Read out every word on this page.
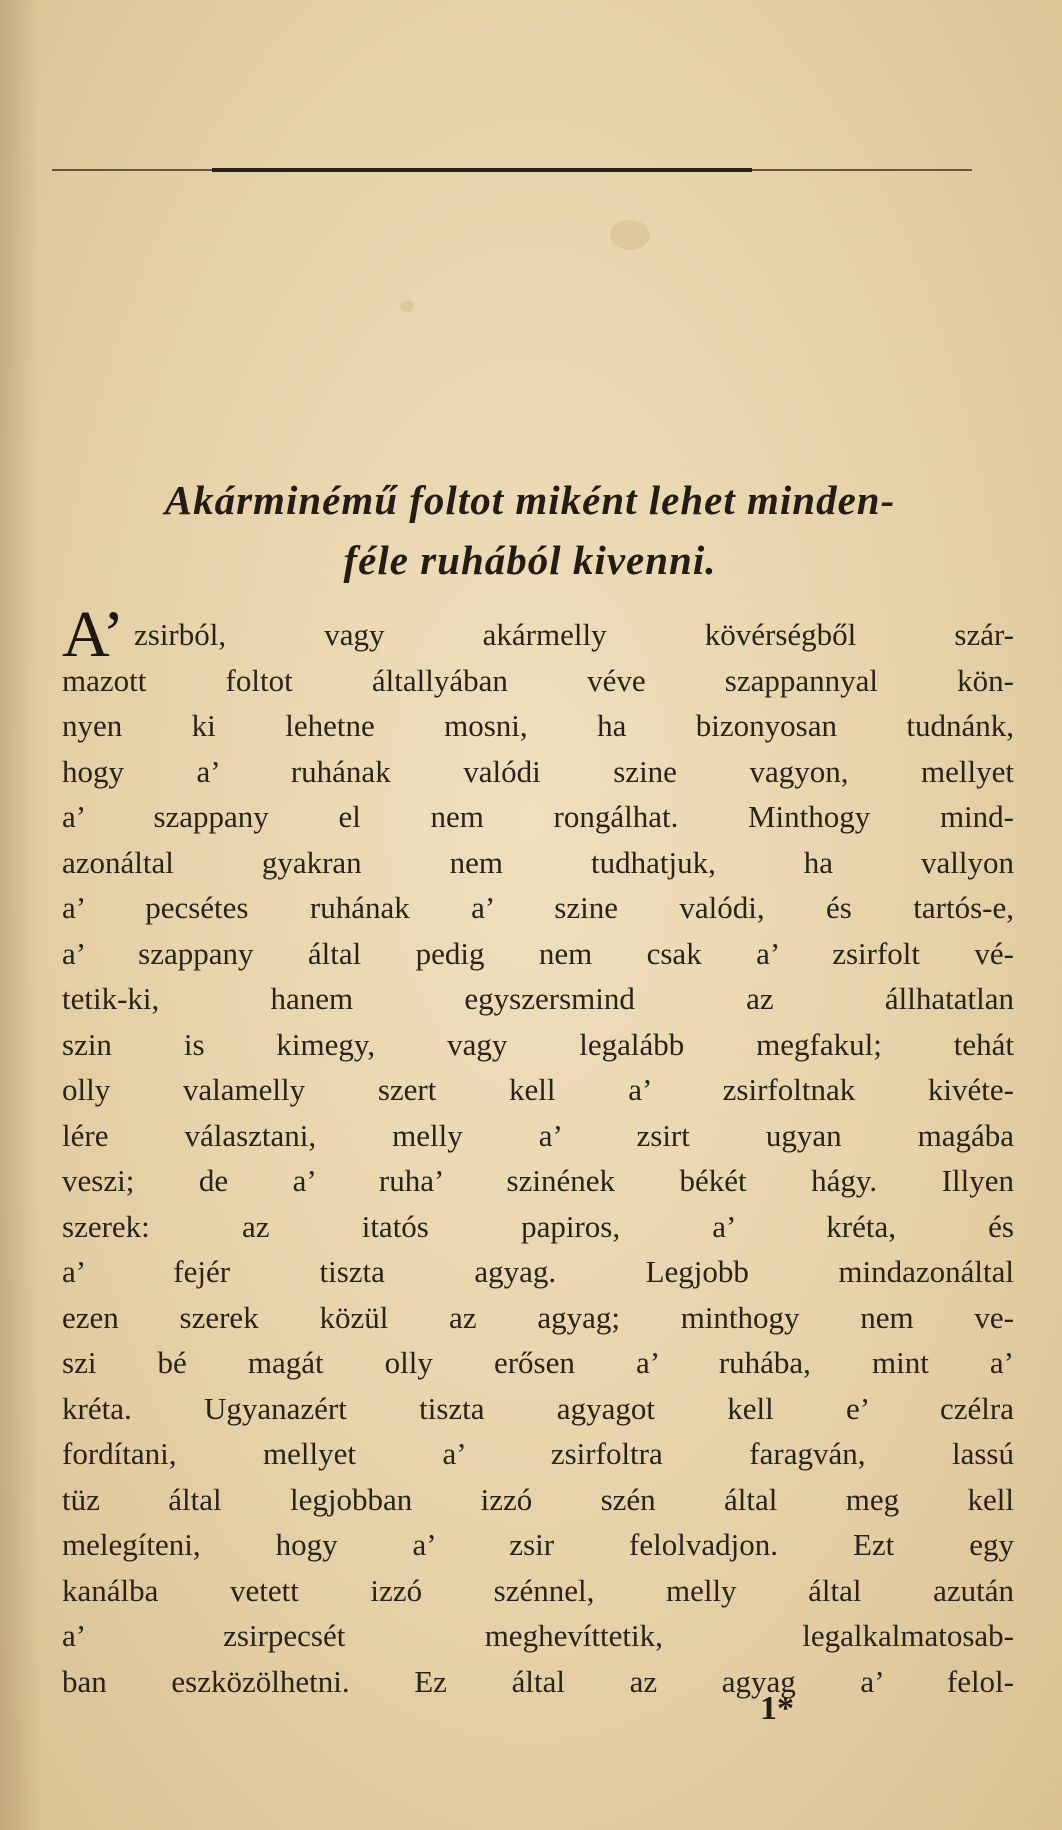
Akárminémű foltot miként lehet minden-
féle ruhából kivenni.
A’ zsirból, vagy akármelly kövérségből szár-
mazott foltot általlyában véve szappannyal kön-
nyen ki lehetne mosni, ha bizonyosan tudnánk,
hogy a’ ruhának valódi szine vagyon, mellyet
a’ szappany el nem rongálhat. Minthogy mind-
azonáltal gyakran nem tudhatjuk, ha vallyon
a’ pecsétes ruhának a’ szine valódi, és tartós-e,
a’ szappany által pedig nem csak a’ zsirfolt vé-
tetik-ki, hanem egyszersmind az állhatatlan
szin is kimegy, vagy legalább megfakul; tehát
olly valamelly szert kell a’ zsirfoltnak kivéte-
lére választani, melly a’ zsirt ugyan magába
veszi; de a’ ruha’ szinének békét hágy. Illyen
szerek: az itatós papiros, a’ kréta, és
a’ fejér tiszta agyag. Legjobb mindazonáltal
ezen szerek közül az agyag; minthogy nem ve-
szi bé magát olly erősen a’ ruhába, mint a’
kréta. Ugyanazért tiszta agyagot kell e’ czélra
fordítani, mellyet a’ zsirfoltra faragván, lassú
tüz által legjobban izzó szén által meg kell
melegíteni, hogy a’ zsir felolvadjon. Ezt egy
kanálba vetett izzó szénnel, melly által azután
a’ zsirpecsét meghevíttetik, legalkalmatosab-
ban eszközölhetni. Ez által az agyag a’ felol-
1*
